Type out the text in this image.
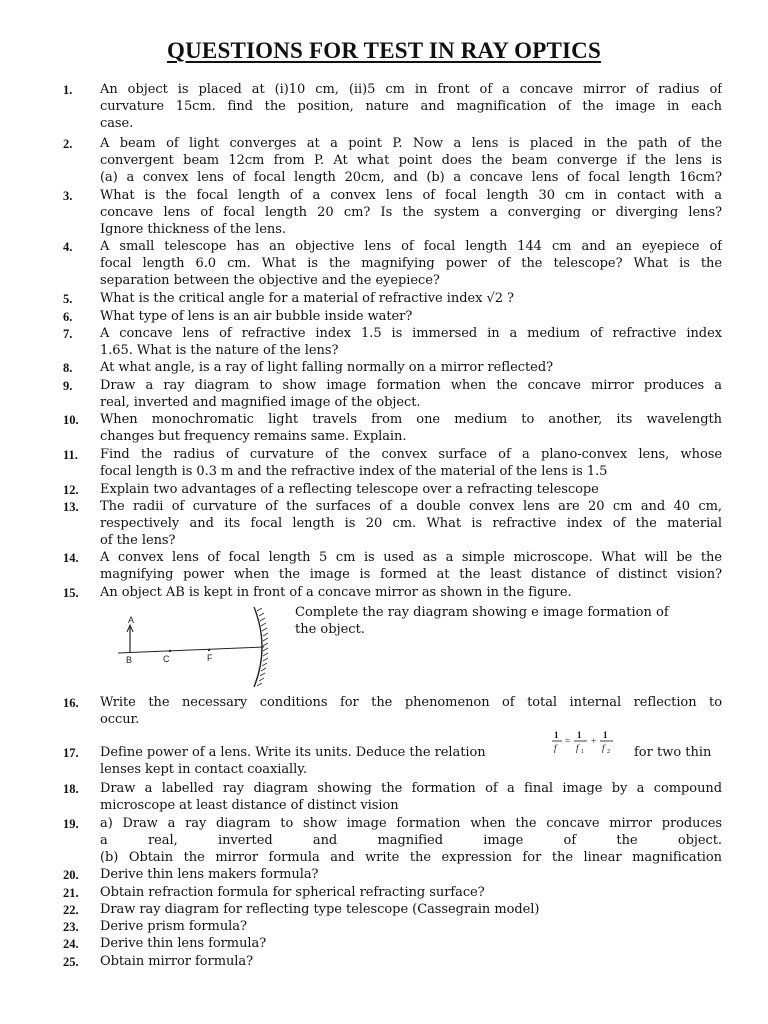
QUESTIONS FOR TEST IN RAY OPTICS
1.	An object is placed at (i)10 cm, (ii)5 cm in front of a concave mirror of radius of
curvature 15cm. find the position, nature and magnification of the image in each
case.
2.	A beam of light converges at a point P. Now a lens is placed in the path of the
convergent beam 12cm from P. At what point does the beam converge if the lens is
(a) a convex lens of focal length 20cm, and (b) a concave lens of focal length 16cm?
3.	What is the focal length of a convex lens of focal length 30 cm in contact with a
concave lens of focal length 20 cm? Is the system a converging or diverging lens?
Ignore thickness of the lens.
4.	A small telescope has an objective lens of focal length 144 cm and an eyepiece of
focal length 6.0 cm. What is the magnifying power of the telescope? What is the
separation between the objective and the eyepiece?
5.	What is the critical angle for a material of refractive index √2 ?
6.	What type of lens is an air bubble inside water?
7.	A concave lens of refractive index 1.5 is immersed in a medium of refractive index
1.65. What is the nature of the lens?
8.	At what angle, is a ray of light falling normally on a mirror reflected?
9.	Draw a ray diagram to show image formation when the concave mirror produces a
real, inverted and magnified image of the object.
10.	When monochromatic light travels from one medium to another, its wavelength
changes but frequency remains same. Explain.
11.	Find the radius of curvature of the convex surface of a plano-convex lens, whose
focal length is 0.3 m and the refractive index of the material of the lens is 1.5
12.	Explain two advantages of a reflecting telescope over a refracting telescope
13.	The radii of curvature of the surfaces of a double convex lens are 20 cm and 40 cm,
respectively and its focal length is 20 cm. What is refractive index of the material
of the lens?
14.	A convex lens of focal length 5 cm is used as a simple microscope. What will be the
magnifying power when the image is formed at the least distance of distinct vision?
15.	An object AB is kept in front of a concave mirror as shown in the figure.
Complete the ray diagram showing e image formation of
the object.
A
B	C	F
16.	Write the necessary conditions for the phenomenon of total internal reflection to
occur.
17.	Define power of a lens. Write its units. Deduce the relation
lenses kept in contact coaxially.
1
f
=
1
f 1
+
1
f 2 for two thin
18.	Draw a labelled ray diagram showing the formation of a final image by a compound
microscope at least distance of distinct vision
19.	a) Draw a ray diagram to show image formation when the concave mirror produces
a      real,      inverted      and      magnified      image      of      the      object.
(b) Obtain the mirror formula and write the expression for the linear magnification
20.	Derive thin lens makers formula?
21.	Obtain refraction formula for spherical refracting surface?
22.	Draw ray diagram for reflecting type telescope (Cassegrain model)
23.	Derive prism formula?
24.	Derive thin lens formula?
25.	Obtain mirror formula?
